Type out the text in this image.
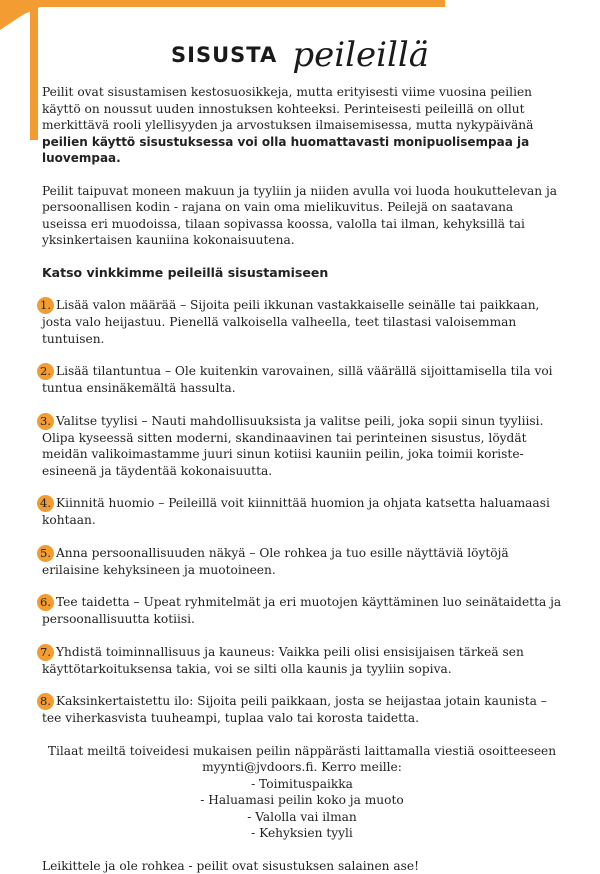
SISUSTA peileillä

Peilit ovat sisustamisen kestosuosikkeja, mutta erityisesti viime vuosina peilien käyttö on noussut uuden innostuksen kohteeksi. Perinteisesti peileillä on ollut merkittävä rooli ylellisyyden ja arvostuksen ilmaisemisessa, mutta nykypäivänä peilien käyttö sisustuksessa voi olla huomattavasti monipuolisempaa ja luovempaa.

Peilit taipuvat moneen makuun ja tyyliin ja niiden avulla voi luoda houkuttelevan ja persoonallisen kodin - rajana on vain oma mielikuvitus. Peilejä on saatavana useissa eri muodoissa, tilaan sopivassa koossa, valolla tai ilman, kehyksillä tai yksinkertaisen kauniina kokonaisuutena.

Katso vinkkimme peileillä sisustamiseen

1. Lisää valon määrää – Sijoita peili ikkunan vastakkaiselle seinälle tai paikkaan, josta valo heijastuu. Pienellä valkoisella valheella, teet tilastasi valoisemman tuntuisen.

2. Lisää tilantuntua – Ole kuitenkin varovainen, sillä väärällä sijoittamisella tila voi tuntua ensinäkemältä hassulta.

3. Valitse tyylisi – Nauti mahdollisuuksista ja valitse peili, joka sopii sinun tyyliisi. Olipa kyseessä sitten moderni, skandinaavinen tai perinteinen sisustus, löydät meidän valikoimastamme juuri sinun kotiisi kauniin peilin, joka toimii koriste-esineenä ja täydentää kokonaisuutta.

4. Kiinnitä huomio – Peileillä voit kiinnittää huomion ja ohjata katsetta haluamaasi kohtaan.

5. Anna persoonallisuuden näkyä – Ole rohkea ja tuo esille näyttäviä löytöjä erilaisine kehyksineen ja muotoineen.

6. Tee taidetta – Upeat ryhmitelmät ja eri muotojen käyttäminen luo seinätaidetta ja persoonallisuutta kotiisi.

7. Yhdistä toiminnallisuus ja kauneus: Vaikka peili olisi ensisijaisen tärkeä sen käyttötarkoituksensa takia, voi se silti olla kaunis ja tyyliin sopiva.

8. Kaksinkertaistettu ilo: Sijoita peili paikkaan, josta se heijastaa jotain kaunista – tee viherkasvista tuuheampi, tuplaa valo tai korosta taidetta.

Tilaat meiltä toiveidesi mukaisen peilin näppärästi laittamalla viestiä osoitteeseen

myynti@jvdoors.fi. Kerro meille:

- Toimituspaikka

- Haluamasi peilin koko ja muoto

- Valolla vai ilman

- Kehyksien tyyli

Leikittele ja ole rohkea - peilit ovat sisustuksen salainen ase!
